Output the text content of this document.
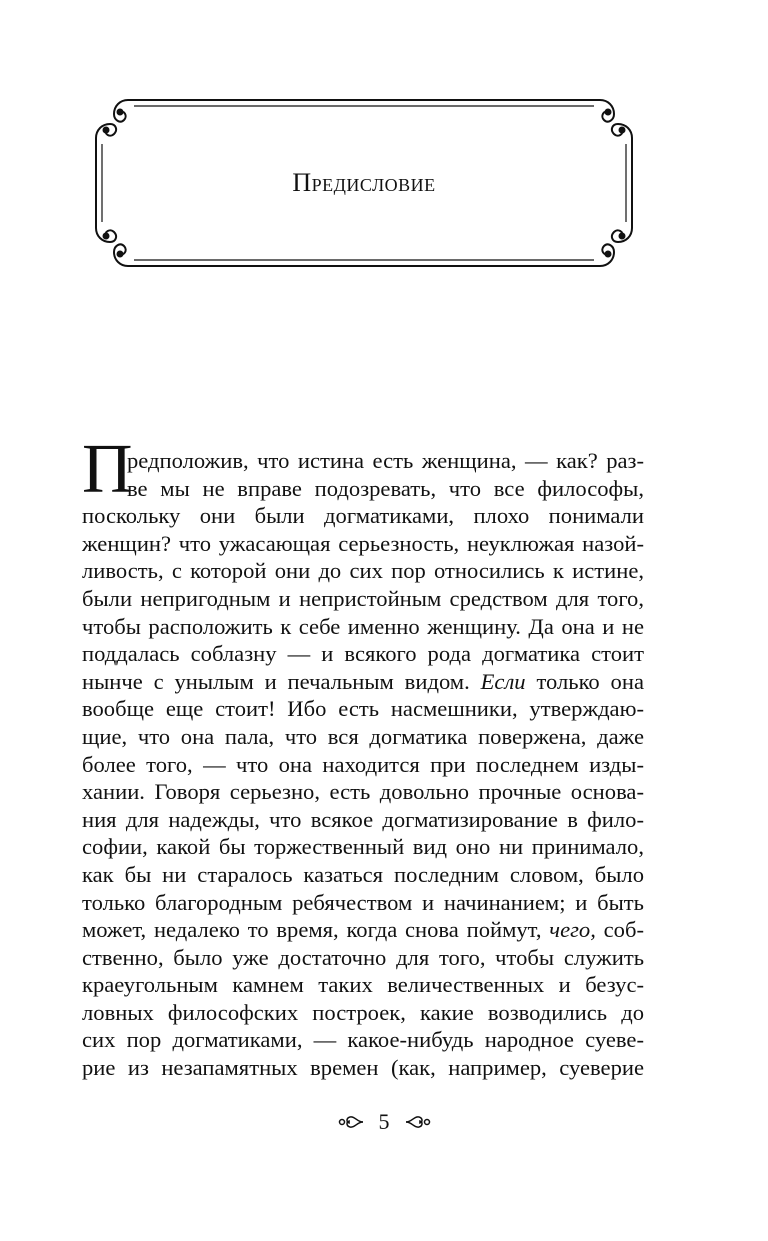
Предисловие
П
редположив, что истина есть женщина, — как? раз-
ве мы не вправе подозревать, что все философы,
поскольку они были догматиками, плохо понимали
женщин? что ужасающая серьезность, неуклюжая назой-
ливость, с которой они до сих пор относились к истине,
были непригодным и непристойным средством для того,
чтобы расположить к себе именно женщину. Да она и не
поддалась соблазну — и всякого рода догматика стоит
нынче с унылым и печальным видом. Если только она
вообще еще стоит! Ибо есть насмешники, утверждаю-
щие, что она пала, что вся догматика повержена, даже
более того, — что она находится при последнем изды-
хании. Говоря серьезно, есть довольно прочные основа-
ния для надежды, что всякое догматизирование в фило-
софии, какой бы торжественный вид оно ни принимало,
как бы ни старалось казаться последним словом, было
только благородным ребячеством и начинанием; и быть
может, недалеко то время, когда снова поймут, чего, соб-
ственно, было уже достаточно для того, чтобы служить
краеугольным камнем таких величественных и безус-
ловных философских построек, какие возводились до
сих пор догматиками, — какое-нибудь народное суеве-
рие из незапамятных времен (как, например, суеверие
5
